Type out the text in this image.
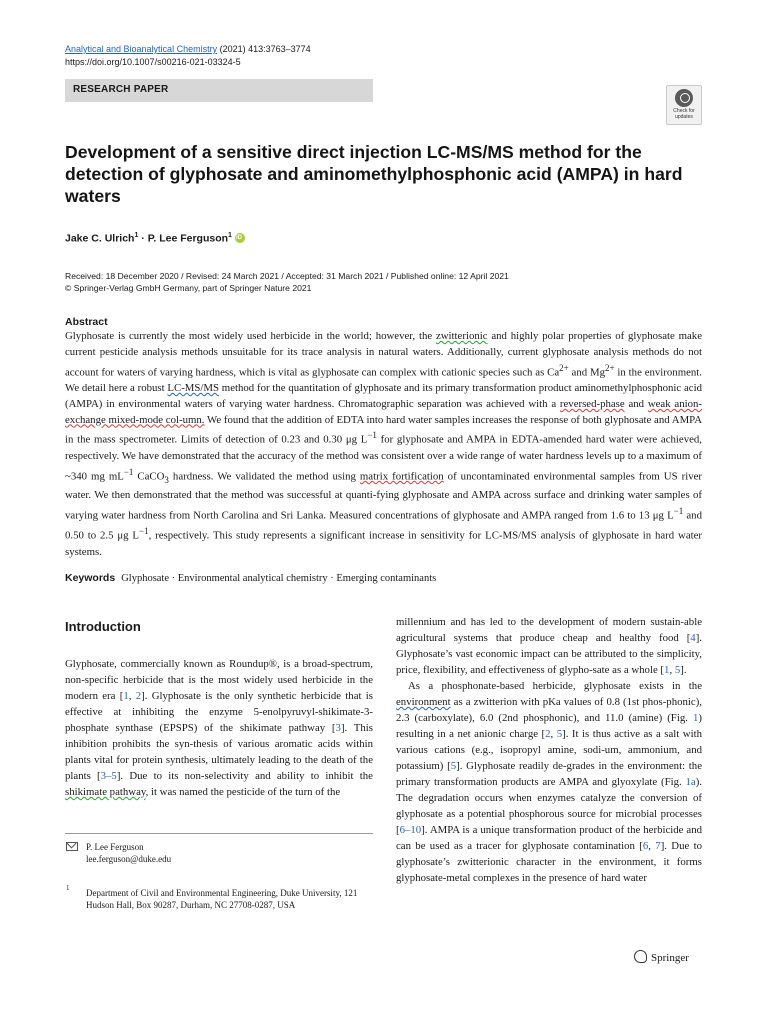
Analytical and Bioanalytical Chemistry (2021) 413:3763–3774
https://doi.org/10.1007/s00216-021-03324-5
RESEARCH PAPER
Check for updates
Development of a sensitive direct injection LC-MS/MS method for the detection of glyphosate and aminomethylphosphonic acid (AMPA) in hard waters
Jake C. Ulrich$^1$ · P. Lee Ferguson$^1$iD
Received: 18 December 2020 / Revised: 24 March 2021 / Accepted: 31 March 2021 / Published online: 12 April 2021
© Springer-Verlag GmbH Germany, part of Springer Nature 2021
Abstract
Glyphosate is currently the most widely used herbicide in the world; however, the zwitterionic and highly polar properties of glyphosate make current pesticide analysis methods unsuitable for its trace analysis in natural waters. Additionally, current glyphosate analysis methods do not account for waters of varying hardness, which is vital as glyphosate can complex with cationic species such as $Ca^{2+}$ and $Mg^{2+}$ in the environment. We detail here a robust LC-MS/MS method for the quantitation of glyphosate and its primary transformation product aminomethylphosphonic acid (AMPA) in environmental waters of varying water hardness. Chromatographic separation was achieved with a reversed-phase and weak anion-exchange mixed-mode col-umn. We found that the addition of EDTA into hard water samples increases the response of both glyphosate and AMPA in the mass spectrometer. Limits of detection of 0.23 and 0.30 μg $L^{-1}$ for glyphosate and AMPA in EDTA-amended hard water were achieved, respectively. We have demonstrated that the accuracy of the method was consistent over a wide range of water hardness levels up to a maximum of ~340 mg $mL^{-1}$ CaCO$_3$ hardness. We validated the method using matrix fortification of uncontaminated environmental samples from US river water. We then demonstrated that the method was successful at quanti-fying glyphosate and AMPA across surface and drinking water samples of varying water hardness from North Carolina and Sri Lanka. Measured concentrations of glyphosate and AMPA ranged from 1.6 to 13 μg $L^{-1}$ and 0.50 to 2.5 μg $L^{-1}$, respectively. This study represents a significant increase in sensitivity for LC-MS/MS analysis of glyphosate in hard water systems.
Keywords Glyphosate · Environmental analytical chemistry · Emerging contaminants
Introduction
Glyphosate, commercially known as Roundup®, is a broad-spectrum, non-specific herbicide that is the most widely used herbicide in the modern era [1, 2]. Glyphosate is the only synthetic herbicide that is effective at inhibiting the enzyme 5-enolpyruvyl-shikimate-3-phosphate synthase (EPSPS) of the shikimate pathway [3]. This inhibition prohibits the syn-thesis of various aromatic acids within plants vital for protein synthesis, ultimately leading to the death of the plants [3–5]. Due to its non-selectivity and ability to inhibit the shikimate pathway, it was named the pesticide of the turn of the

millennium and has led to the development of modern sustain-able agricultural systems that produce cheap and healthy food [4]. Glyphosate’s vast economic impact can be attributed to the simplicity, price, flexibility, and effectiveness of glypho-sate as a whole [1, 5].

As a phosphonate-based herbicide, glyphosate exists in the environment as a zwitterion with pKa values of 0.8 (1st phos-phonic), 2.3 (carboxylate), 6.0 (2nd phosphonic), and 11.0 (amine) (Fig. 1) resulting in a net anionic charge [2, 5]. It is thus active as a salt with various cations (e.g., isopropyl amine, sodi-um, ammonium, and potassium) [5]. Glyphosate readily de-grades in the environment: the primary transformation products are AMPA and glyoxylate (Fig. 1a). The degradation occurs when enzymes catalyze the conversion of glyphosate as a potential phosphorous source for microbial processes [6–10]. AMPA is a unique transformation product of the herbicide and can be used as a tracer for glyphosate contamination [6, 7]. Due to glyphosate’s zwitterionic character in the environment, it forms glyphosate-metal complexes in the presence of hard water

P. Lee Ferguson
lee.ferguson@duke.edu
1 Department of Civil and Environmental Engineering, Duke University, 121 Hudson Hall, Box 90287, Durham, NC 27708-0287, USA
Springer
